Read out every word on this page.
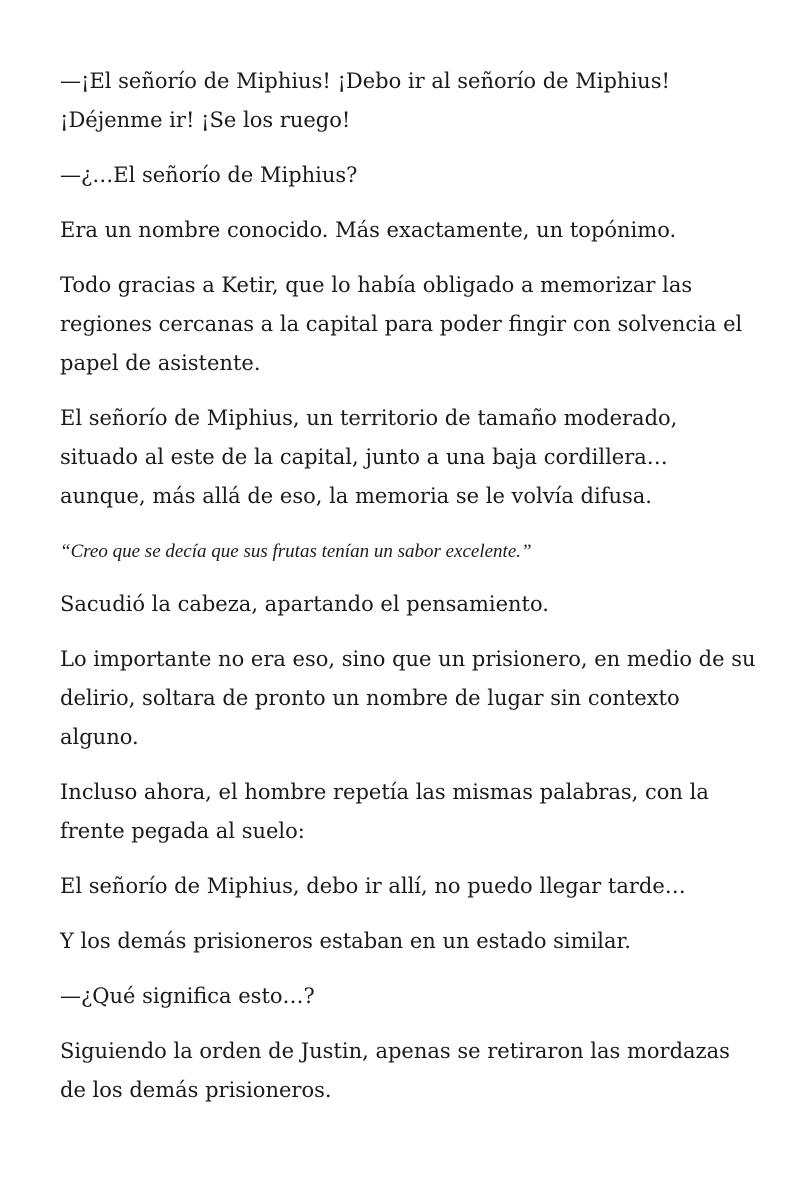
—¡El señorío de Miphius! ¡Debo ir al señorío de Miphius! ¡Déjenme ir! ¡Se los ruego!

—¿…El señorío de Miphius?

Era un nombre conocido. Más exactamente, un topónimo.

Todo gracias a Ketir, que lo había obligado a memorizar las regiones cercanas a la capital para poder fingir con solvencia el papel de asistente.

El señorío de Miphius, un territorio de tamaño moderado, situado al este de la capital, junto a una baja cordillera… aunque, más allá de eso, la memoria se le volvía difusa.

“Creo que se decía que sus frutas tenían un sabor excelente.”

Sacudió la cabeza, apartando el pensamiento.

Lo importante no era eso, sino que un prisionero, en medio de su delirio, soltara de pronto un nombre de lugar sin contexto alguno.

Incluso ahora, el hombre repetía las mismas palabras, con la frente pegada al suelo:

El señorío de Miphius, debo ir allí, no puedo llegar tarde…

Y los demás prisioneros estaban en un estado similar.

—¿Qué significa esto…?

Siguiendo la orden de Justin, apenas se retiraron las mordazas de los demás prisioneros.
